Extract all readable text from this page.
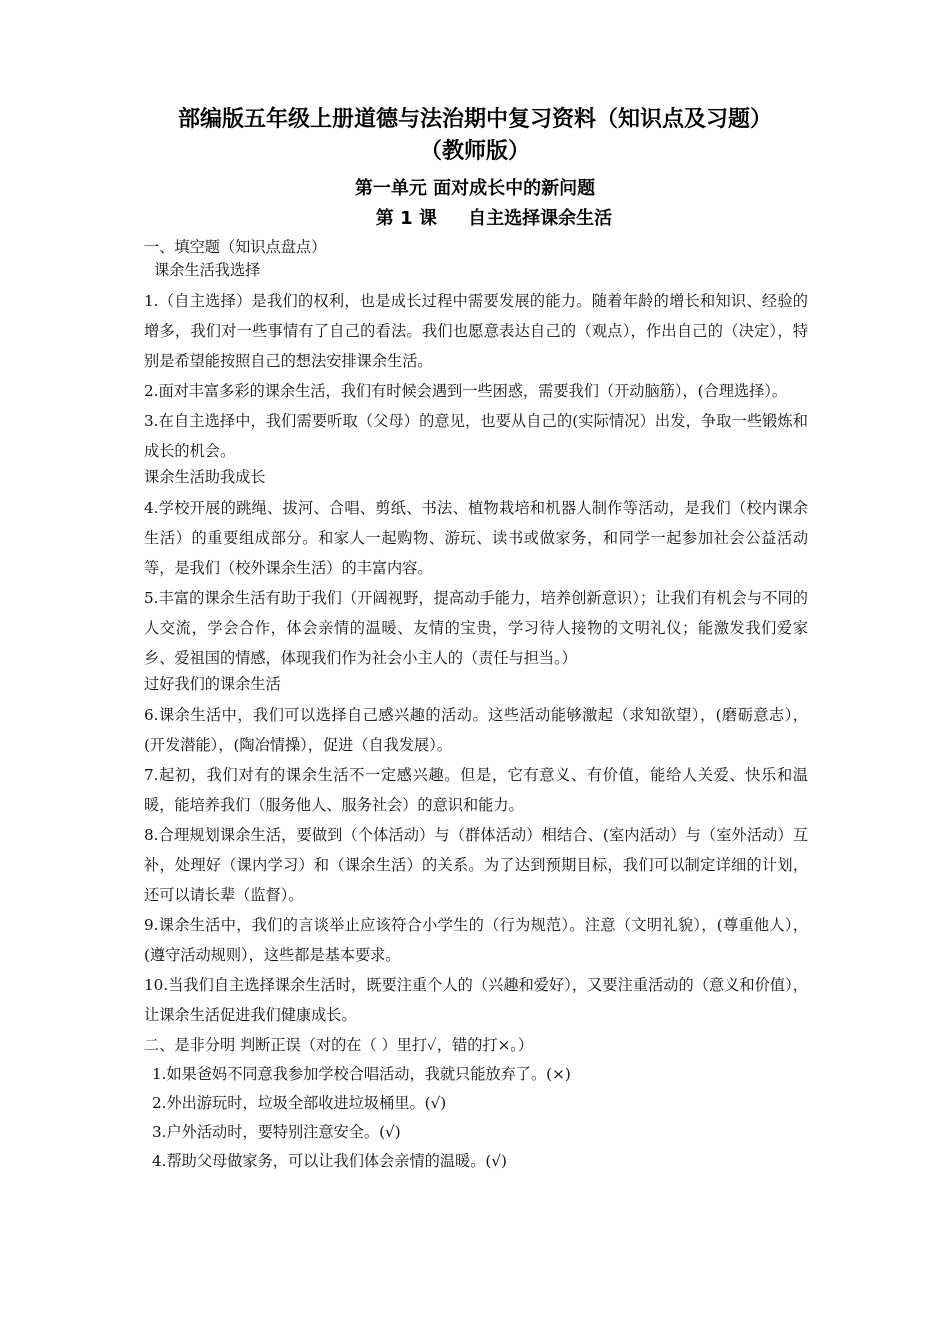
部编版五年级上册道德与法治期中复习资料（知识点及习题）
（教师版）
第一单元 面对成长中的新问题
第 1 课     自主选择课余生活

一、填空题（知识点盘点）

课余生活我选择

1.（自主选择）是我们的权利，也是成长过程中需要发展的能力。随着年龄的增长和知识、经验的增多，我们对一些事情有了自己的看法。我们也愿意表达自己的（观点），作出自己的（决定），特别是希望能按照自己的想法安排课余生活。

2.面对丰富多彩的课余生活，我们有时候会遇到一些困惑，需要我们（开动脑筋），(合理选择）。

3.在自主选择中，我们需要听取（父母）的意见，也要从自己的(实际情况）出发，争取一些锻炼和成长的机会。

课余生活助我成长

4.学校开展的跳绳、拔河、合唱、剪纸、书法、植物栽培和机器人制作等活动，是我们（校内课余生活）的重要组成部分。和家人一起购物、游玩、读书或做家务，和同学一起参加社会公益活动等，是我们（校外课余生活）的丰富内容。

5.丰富的课余生活有助于我们（开阔视野，提高动手能力，培养创新意识）；让我们有机会与不同的人交流，学会合作，体会亲情的温暖、友情的宝贵，学习待人接物的文明礼仪；能激发我们爱家乡、爱祖国的情感，体现我们作为社会小主人的（责任与担当。）

过好我们的课余生活

6.课余生活中，我们可以选择自己感兴趣的活动。这些活动能够激起（求知欲望），(磨砺意志），(开发潜能），(陶冶情操），促进（自我发展）。

7.起初，我们对有的课余生活不一定感兴趣。但是，它有意义、有价值，能给人关爱、快乐和温暖，能培养我们（服务他人、服务社会）的意识和能力。

8.合理规划课余生活，要做到（个体活动）与（群体活动）相结合、(室内活动）与（室外活动）互补，处理好（课内学习）和（课余生活）的关系。为了达到预期目标，我们可以制定详细的计划，还可以请长辈（监督）。

9.课余生活中，我们的言谈举止应该符合小学生的（行为规范）。注意（文明礼貌），(尊重他人），(遵守活动规则），这些都是基本要求。

10.当我们自主选择课余生活时，既要注重个人的（兴趣和爱好），又要注重活动的（意义和价值），让课余生活促进我们健康成长。

二、是非分明 判断正误（对的在（ ）里打✓，错的打×。）

1.如果爸妈不同意我参加学校合唱活动，我就只能放弃了。(×)

2.外出游玩时，垃圾全部收进垃圾桶里。(√)

3.户外活动时，要特别注意安全。(√)

4.帮助父母做家务，可以让我们体会亲情的温暖。(√)
